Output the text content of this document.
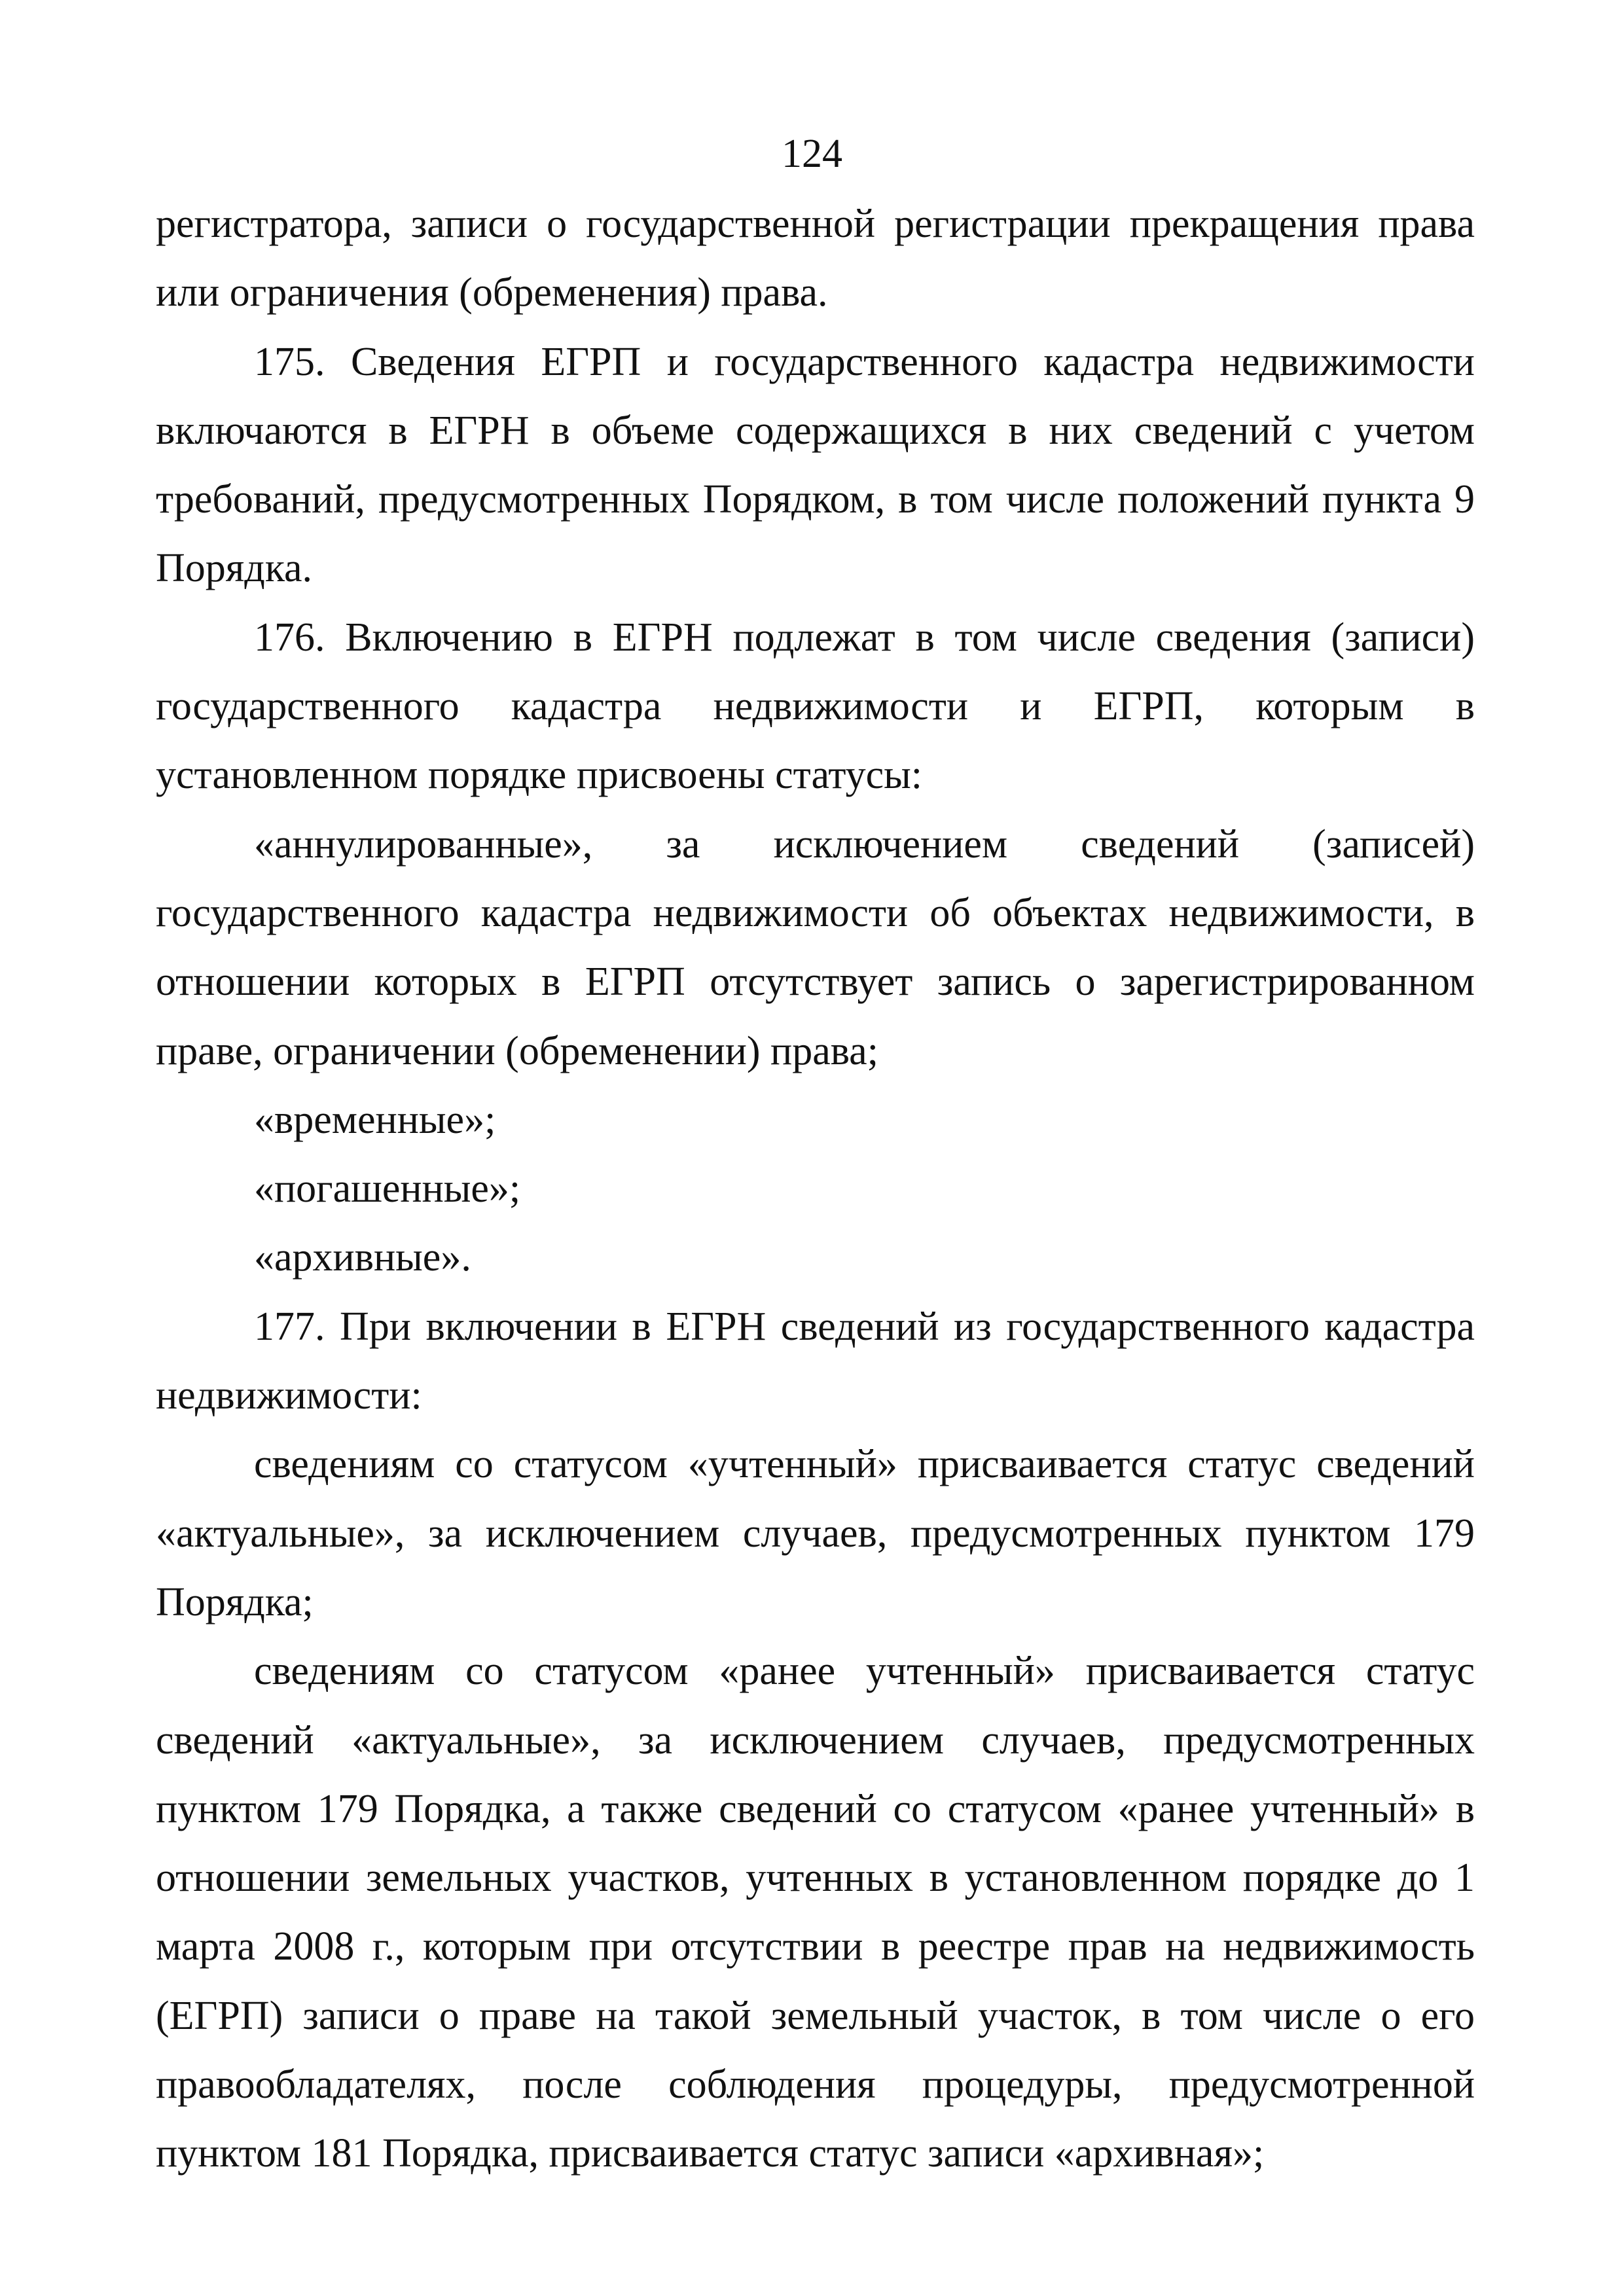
124

регистратора, записи о государственной регистрации прекращения права или ограничения (обременения) права.

175. Сведения ЕГРП и государственного кадастра недвижимости включаются в ЕГРН в объеме содержащихся в них сведений с учетом требований, предусмотренных Порядком, в том числе положений пункта 9 Порядка.

176. Включению в ЕГРН подлежат в том числе сведения (записи) государственного кадастра недвижимости и ЕГРП, которым в установленном порядке присвоены статусы:

«аннулированные», за исключением сведений (записей) государственного кадастра недвижимости об объектах недвижимости, в отношении которых в ЕГРП отсутствует запись о зарегистрированном праве, ограничении (обременении) права;

«временные»;

«погашенные»;

«архивные».

177. При включении в ЕГРН сведений из государственного кадастра недвижимости:

сведениям со статусом «учтенный» присваивается статус сведений «актуальные», за исключением случаев, предусмотренных пунктом 179 Порядка;

сведениям со статусом «ранее учтенный» присваивается статус сведений «актуальные», за исключением случаев, предусмотренных пунктом 179 Порядка, а также сведений со статусом «ранее учтенный» в отношении земельных участков, учтенных в установленном порядке до 1 марта 2008 г., которым при отсутствии в реестре прав на недвижимость (ЕГРП) записи о праве на такой земельный участок, в том числе о его правообладателях, после соблюдения процедуры, предусмотренной пунктом 181 Порядка, присваивается статус записи «архивная»;
